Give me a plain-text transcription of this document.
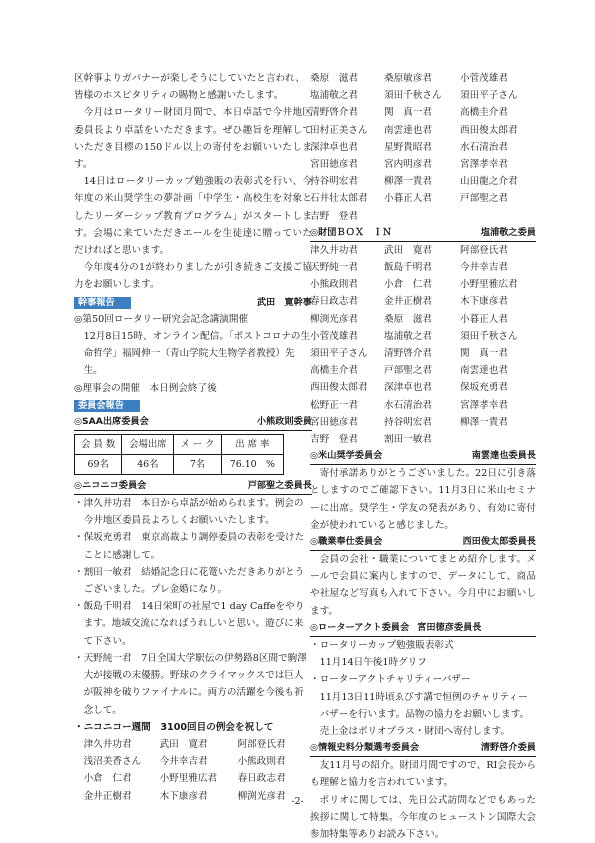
区幹事よりガバナーが楽しそうにしていたと言われ、皆様のホスピタリティの賜物と感謝いたします。

今月はロータリー財団月間で、本日卓話で今井地区委員長より卓話をいただきます。ぜひ趣旨を理解していただき目標の150ドル以上の寄付をお願いいたします。

14日はロータリーカップ勉強販の表彰式を行い、今年度の米山奨学生の夢計画「中学生・高校生を対象としたリーダーシップ教育プログラム」がスタートします。会場に来ていただきエールを生徒達に贈っていただければと思います。

今年度4分の1が終わりましたが引き続きご支援ご協力をお願いします。

幹事報告	武田　寛幹事

◎第50回ロータリー研究会記念講演開催

12月8日15時、オンライン配信。「ポストコロナの生命哲学」福岡伸一（青山学院大生物学者教授）先生。

◎理事会の開催　本日例会終了後

委員会報告
◎SAA出席委員会	小熊政則委員
会 員 数	会場出席	メ ー ク	出 席 率
69名	46名	7名	76.10　%
◎ニコニコ委員会	戸部聖之委員長

・津久井功君　本日から卓話が始められます。例会の今井地区委員長よろしくお願いいたします。

・保坂充勇君　東京高裁より調停委員の表彰を受けたことに感謝して。

・割田一敏君　結婚記念日に花篭いただきありがとうございました。プレ金婚になり。

・飯島千明君　14日栄町の社屋で1 day Caffeをやります。地域交流になればうれしいと思い。遊びに来て下さい。

・天野純一君　7日全国大学駅伝の伊勢路8区間で駒澤大が接戦の末優勝。野球のクライマックスでは巨人が阪神を破りファイナルに。両方の活躍を今後も祈念して。

・ニコニコー週間　3100回目の例会を祝して

津久井功君	武田　寛君	阿部登氏君
浅沼美香さん	今井幸吉君	小熊政則君
小倉　仁君	小野里雅広君	春日政志君
金井正樹君	木下康彦君	柳渕光彦君
桑原　滋君	桑原敏彦君	小菅茂雄君
塩浦敬之君	須田千秋さん	須田平子さん
清野啓介君	関　真一君	高橋圭介君
田村正美さん	南雲達也君	西田俊太郎君
深津卓也君	星野貴昭君	水石清治君
宮田徳彦君	宮内明彦君	宮澤孝幸君
持谷明宏君	柳澤一貴君	山田龍之介君
石井壮太郎君	小暮正人君	戸部聖之君
吉野　登君
◎財団ＢＯＸ　ＩＮ	塩浦敬之委員
津久井功君	武田　寛君	阿部登氏君
天野純一君	飯島千明君	今井幸吉君
小熊政則君	小倉　仁君	小野里雅広君
春日政志君	金井正樹君	木下康彦君
柳渕光彦君	桑原　滋君	小暮正人君
小菅茂雄君	塩浦敬之君	須田千秋さん
須田平子さん	清野啓介君	関　真一君
高橋圭介君	戸部聖之君	南雲達也君
西田俊太郎君	深津卓也君	保坂充勇君
松野正一君	水石清治君	宮澤孝幸君
宮田徳彦君	持谷明宏君	柳澤一貴君
吉野　登君	割田一敏君
◎米山奨学委員会	南雲達也委員長

寄付承諾ありがとうございました。22日に引き落としますのでご確認下さい。11月3日に米山セミナーに出席。奨学生・学友の発表があり、有効に寄付金が使われていると感じました。

◎職業奉仕委員会	西田俊太郎委員長

会員の会社・職業についてまとめ紹介します。メールで会員に案内しますので、データにして、商品や社屋など写真も入れて下さい。今月中にお願いします。

◎ローターアクト委員会 宮田徳彦委員長

・ロータリーカップ勉強販表彰式

11月14日午後1時グリフ

・ローターアクトチャリティーバザー

11月13日11時頃ゑびす講で恒例のチャリティーバザーを行います。品物の協力をお願いします。売上金はポリオプラス・財団へ寄付します。

◎情報史料分類選考委員会	清野啓介委員

友11月号の紹介。財団月間ですので、RI会長からも理解と協力を言われています。

ポリオに関しては、先日公式訪問などでもあった挨拶に関して特集。今年度のヒューストン国際大会参加特集等ありお読み下さい。

-2-
